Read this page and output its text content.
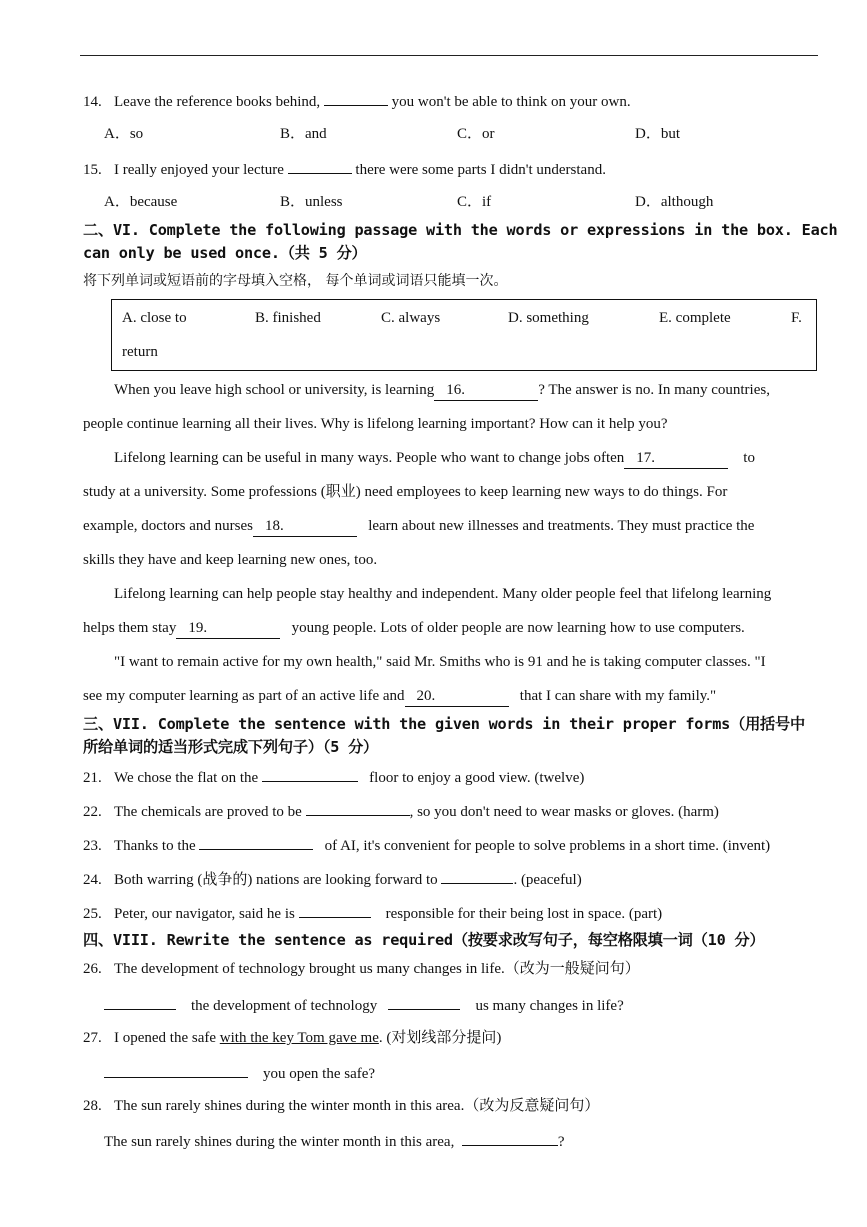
14. Leave the reference books behind,	you won't be able to think on your own.
A．so	B．and	C．or	D．but
15. I really enjoyed your lecture	there were some parts I didn't understand.
A．because	B．unless	C．if	D．although
二、VI. Complete the following passage with the words or expressions in the box. Each
can only be used once.（共 5 分）
将下列单词或短语前的字母填入空格， 每个单词或词语只能填一次。
A. close to	B. finished	C. always	D. something	E. complete	F.
return
When you leave high school or university, is learning 16.	? The answer is no. In many countries,
people continue learning all their lives. Why is lifelong learning important? How can it help you?
Lifelong learning can be useful in many ways. People who want to change jobs often 17.	to
study at a university. Some professions (职业) need employees to keep learning new ways to do things. For
example, doctors and nurses 18.	learn about new illnesses and treatments. They must practice the
skills they have and keep learning new ones, too.
Lifelong learning can help people stay healthy and independent. Many older people feel that lifelong learning
helps them stay 19.	young people. Lots of older people are now learning how to use computers.
"I want to remain active for my own health," said Mr. Smiths who is 91 and he is taking computer classes. "I
see my computer learning as part of an active life and 20.	that I can share with my family."
三、VII. Complete the sentence with the given words in their proper forms（用括号中
所给单词的适当形式完成下列句子）（5 分）
21. We chose the flat on the	floor to enjoy a good view. (twelve)
22. The chemicals are proved to be	, so you don't need to wear masks or gloves. (harm)
23. Thanks to the	of AI, it's convenient for people to solve problems in a short time. (invent)
24. Both warring (战争的) nations are looking forward to	. (peaceful)
25. Peter, our navigator, said he is	responsible for their being lost in space. (part)
四、VIII. Rewrite the sentence as required（按要求改写句子，每空格限填一词（10 分）
26. The development of technology brought us many changes in life.（改为一般疑问句）
the development of technology	us many changes in life?
27. I opened the safe with the key Tom gave me. (对划线部分提问)
you open the safe?
28. The sun rarely shines during the winter month in this area.（改为反意疑问句）
The sun rarely shines during the winter month in this area,	?
